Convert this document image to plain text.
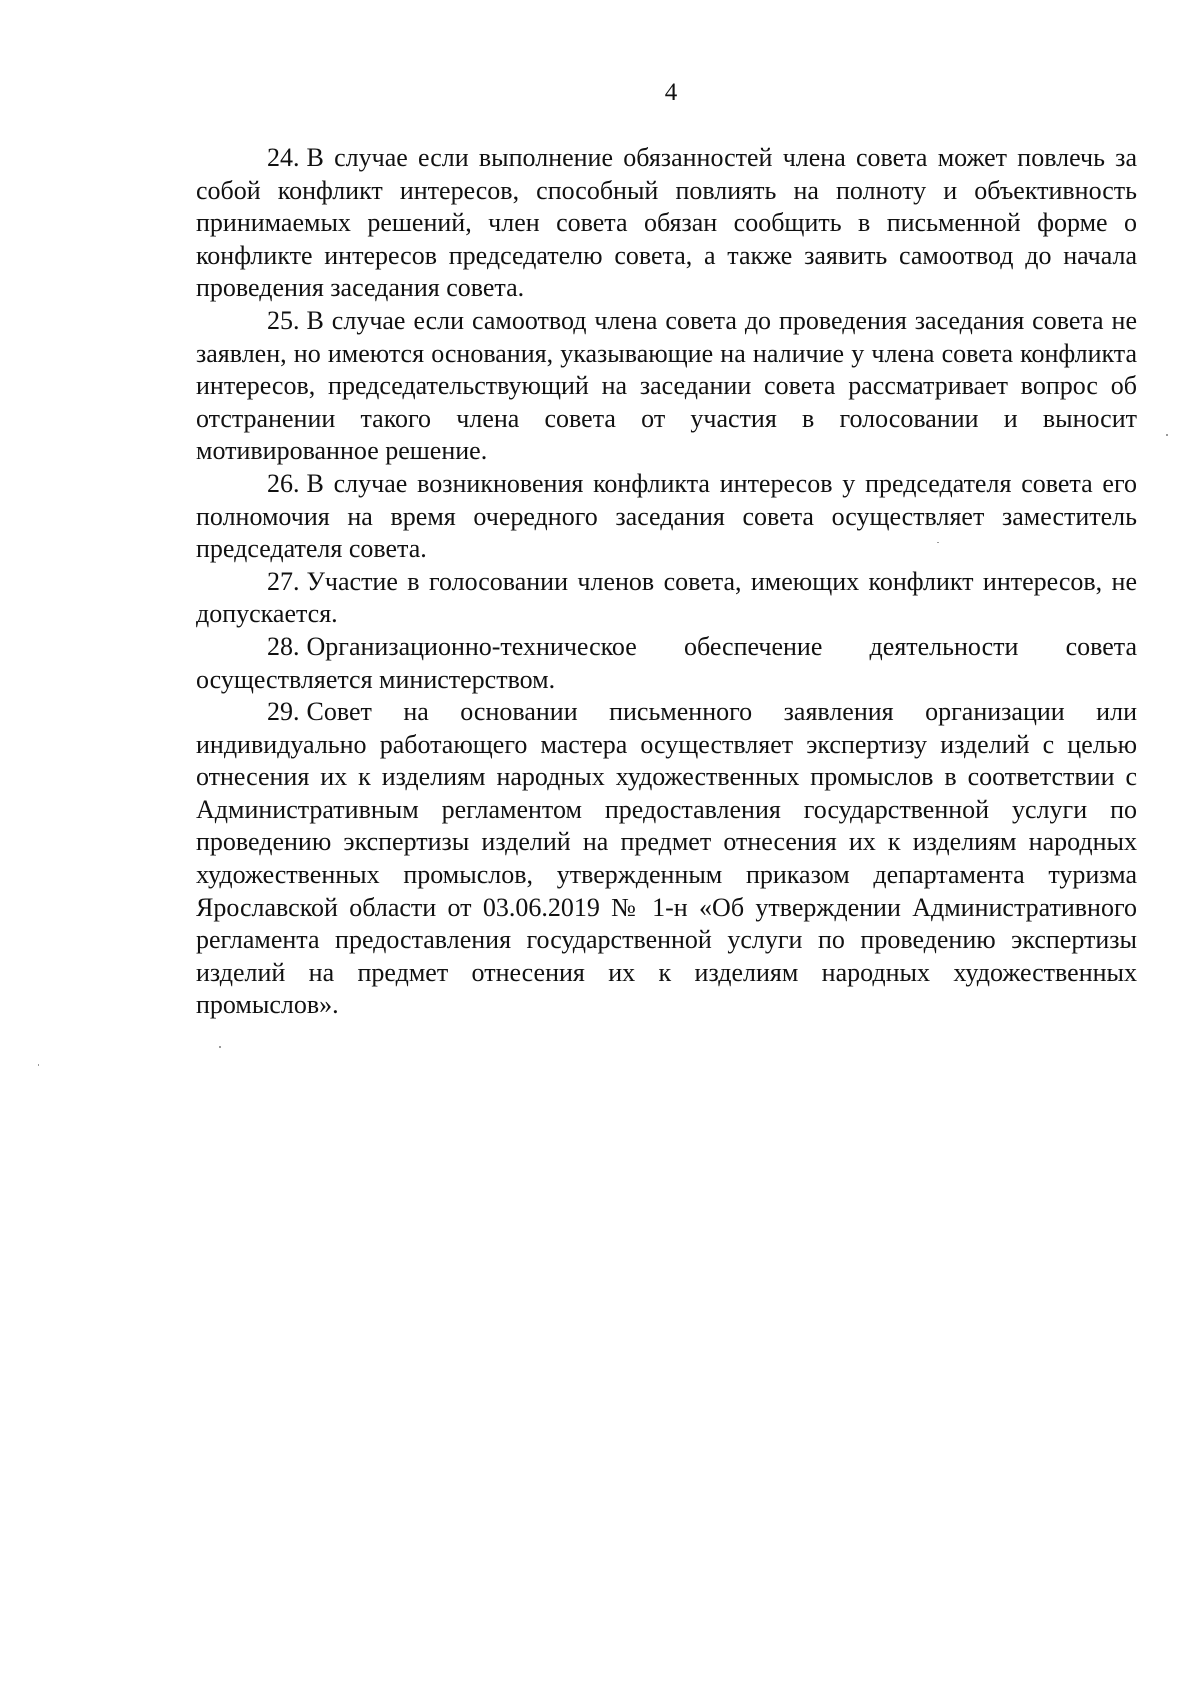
4

24. В случае если выполнение обязанностей члена совета может повлечь за собой конфликт интересов, способный повлиять на полноту и объективность принимаемых решений, член совета обязан сообщить в письменной форме о конфликте интересов председателю совета, а также заявить самоотвод до начала проведения заседания совета.

25. В случае если самоотвод члена совета до проведения заседания совета не заявлен, но имеются основания, указывающие на наличие у члена совета конфликта интересов, председательствующий на заседании совета рассматривает вопрос об отстранении такого члена совета от участия в голосовании и выносит мотивированное решение.

26. В случае возникновения конфликта интересов у председателя совета его полномочия на время очередного заседания совета осуществляет заместитель председателя совета.

27. Участие в голосовании членов совета, имеющих конфликт интересов, не допускается.

28. Организационно-техническое обеспечение деятельности совета осуществляется министерством.

29. Совет на основании письменного заявления организации или индивидуально работающего мастера осуществляет экспертизу изделий с целью отнесения их к изделиям народных художественных промыслов в соответствии с Административным регламентом предоставления государственной услуги по проведению экспертизы изделий на предмет отнесения их к изделиям народных художественных промыслов, утвержденным приказом департамента туризма Ярославской области от 03.06.2019 № 1-н «Об утверждении Административного регламента предоставления государственной услуги по проведению экспертизы изделий на предмет отнесения их к изделиям народных художественных промыслов».
